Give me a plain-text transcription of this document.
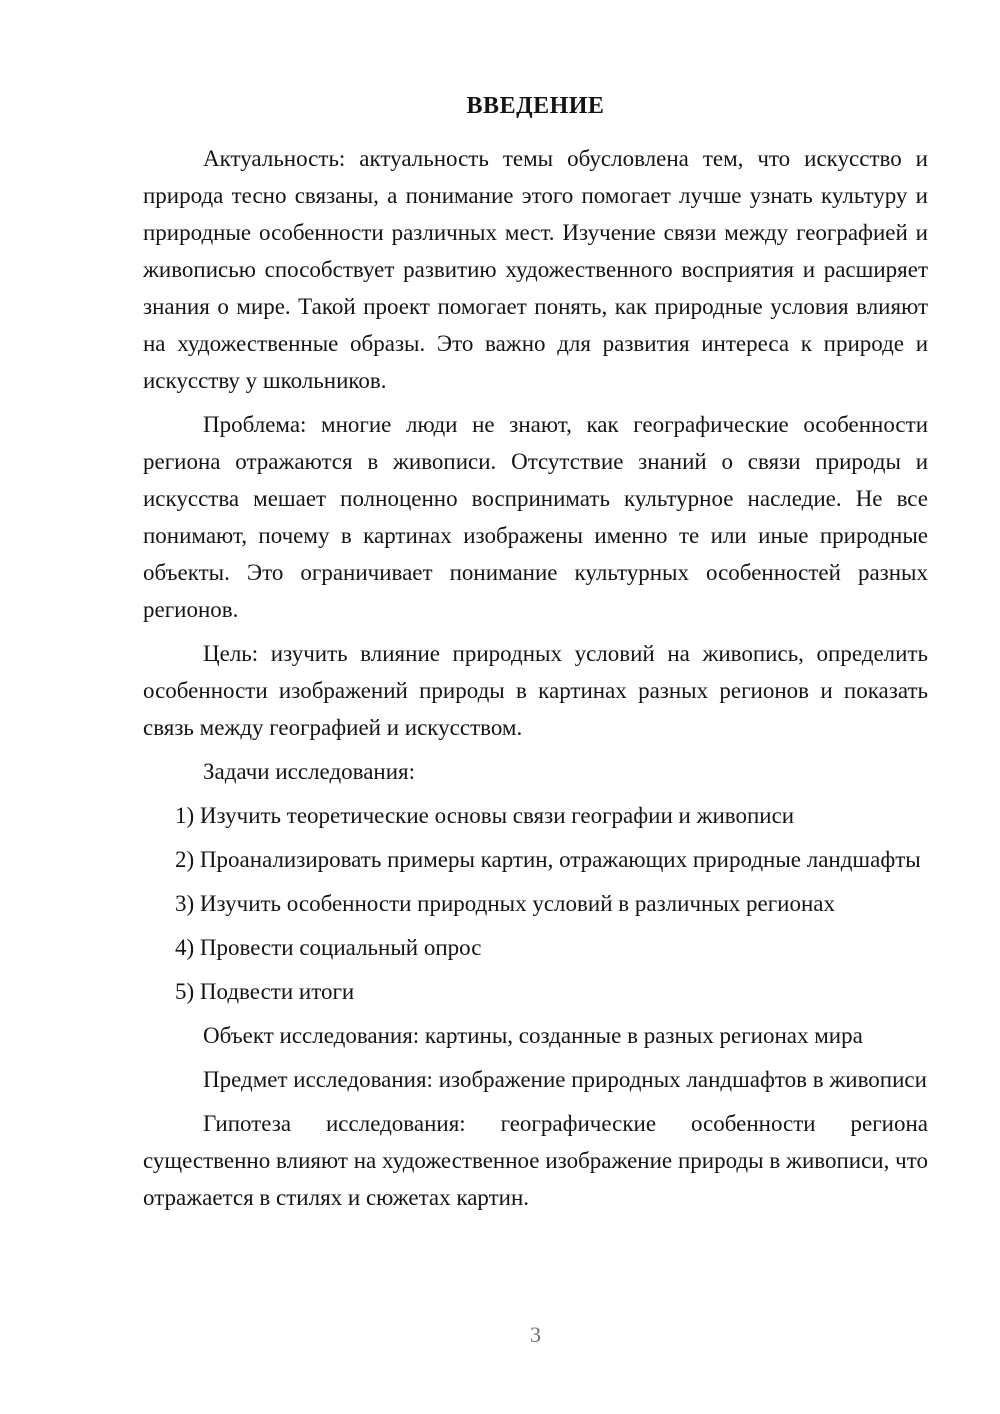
ВВЕДЕНИЕ

Актуальность: актуальность темы обусловлена тем, что искусство и природа тесно связаны, а понимание этого помогает лучше узнать культуру и природные особенности различных мест. Изучение связи между географией и живописью способствует развитию художественного восприятия и расширяет знания о мире. Такой проект помогает понять, как природные условия влияют на художественные образы. Это важно для развития интереса к природе и искусству у школьников.

Проблема: многие люди не знают, как географические особенности региона отражаются в живописи. Отсутствие знаний о связи природы и искусства мешает полноценно воспринимать культурное наследие. Не все понимают, почему в картинах изображены именно те или иные природные объекты. Это ограничивает понимание культурных особенностей разных регионов.

Цель: изучить влияние природных условий на живопись, определить особенности изображений природы в картинах разных регионов и показать связь между географией и искусством.

Задачи исследования:

1) Изучить теоретические основы связи географии и живописи

2) Проанализировать примеры картин, отражающих природные ландшафты

3) Изучить особенности природных условий в различных регионах

4) Провести социальный опрос

5) Подвести итоги

Объект исследования: картины, созданные в разных регионах мира

Предмет исследования: изображение природных ландшафтов в живописи

Гипотеза исследования: географические особенности региона существенно влияют на художественное изображение природы в живописи, что отражается в стилях и сюжетах картин.

3
